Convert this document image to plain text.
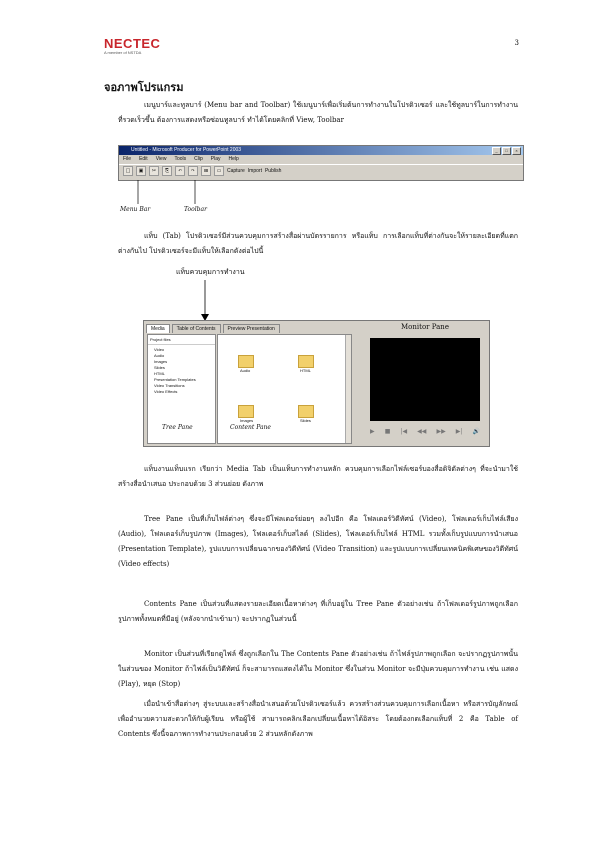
NECTEC
A member of NSTDA
3
จอภาพโปรแกรม
เมนูบาร์และทูลบาร์ (Menu bar and Toolbar) ใช้เมนูบาร์เพื่อเริ่มต้นการทำงานในโปรดิวเซอร์ และใช้ทูลบาร์ในการทำงานที่รวดเร็วขึ้น ต้องการแสดงหรือซ่อนทูลบาร์ ทำได้โดยคลิกที่ View, Toolbar
Untitled - Microsoft Producer for PowerPoint 2003	_	□	×
File Edit View Tools Clip Play Help
□	▣	✂	⎘	↶	↷	⊞	▭	Capture Import Publish
Menu Bar	Toolbar
แท็บ (Tab) โปรดิวเซอร์มีส่วนควบคุมการสร้างสื่อผ่านบัตรรายการ หรือแท็บ การเลือกแท็บที่ต่างกันจะให้รายละเอียดที่แตกต่างกันไป โปรดิวเซอร์จะมีแท็บให้เลือกดังต่อไปนี้
แท็บควบคุมการทำงาน
Media	Table of Contents	Preview Presentation
Project files
Video
Audio
Images
Slides
HTML
Presentation Templates
Video Transitions
Video Effects
Audio	HTML
Images	Slides
Monitor Pane
▶ ■ |◀ ◀◀ ▶▶ ▶| 🔊
Tree Pane	Content Pane
แท็บงานแท็บแรก เรียกว่า Media Tab เป็นแท็บการทำงานหลัก ควบคุมการเลือกไฟล์เซอร์บองสื่อดิจิตัลต่างๆ ที่จะนำมาใช้สร้างสื่อนำเสนอ ประกอบด้วย 3 ส่วนย่อย ดังภาพ
Tree Pane เป็นที่เก็บไฟล์ต่างๆ ซึ่งจะมีโฟลเดอร์ย่อยๆ ลงไปอีก คือ โฟลเดอร์วิดีทัศน์ (Video), โฟลเดอร์เก็บไฟล์เสียง (Audio), โฟลเดอร์เก็บรูปภาพ (Images), โฟลเดอร์เก็บสไลด์ (Slides), โฟลเดอร์เก็บไฟล์ HTML รวมทั้งเก็บรูปแบบการนำเสนอ (Presentation Template), รูปแบบการเปลี่ยนฉากของวิดีทัศน์ (Video Transition) และรูปแบบการเปลี่ยนเทคนิคพิเศษของวิดีทัศน์ (Video effects)
Contents Pane เป็นส่วนที่แสดงรายละเอียดเนื้อหาต่างๆ ที่เก็บอยู่ใน Tree Pane ตัวอย่างเช่น ถ้าโฟลเดอร์รูปภาพถูกเลือก รูปภาพทั้งหมดที่มีอยู่ (หลังจากนำเข้ามา) จะปรากฏในส่วนนี้
Monitor เป็นส่วนที่เรียกดูไฟล์ ซึ่งถูกเลือกใน The Contents Pane ตัวอย่างเช่น ถ้าไฟล์รูปภาพถูกเลือก จะปรากฏรูปภาพนั้นในส่วนของ Monitor ถ้าไฟล์เป็นวิดีทัศน์ ก็จะสามารถแสดงได้ใน Monitor ซึ่งในส่วน Monitor จะมีปุ่มควบคุมการทำงาน เช่น แสดง (Play), หยุด (Stop)
เมื่อนำเข้าสื่อต่างๆ สู่ระบบและสร้างสื่อนำเสนอด้วยโปรดิวเซอร์แล้ว ควรสร้างส่วนควบคุมการเลือกเนื้อหา หรือสารบัญลักษณ์ เพื่ออำนวยความสะดวกให้กับผู้เรียน หรือผู้ใช้ สามารถคลิกเลือกเปลี่ยนเนื้อหาได้อิสระ โดยต้องกดเลือกแท็บที่ 2 คือ Table of Contents ซึ่งนี้จอภาพการทำงานประกอบด้วย 2 ส่วนหลักดังภาพ
